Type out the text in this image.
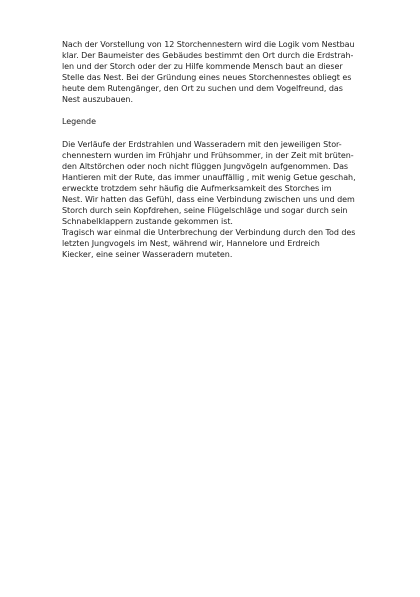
Nach der Vorstellung von 12 Storchennestern wird die Logik vom Nestbau
klar. Der Baumeister des Gebäudes bestimmt den Ort durch die Erdstrah-
len und der Storch oder der zu Hilfe kommende Mensch baut an dieser
Stelle das Nest. Bei der Gründung eines neues Storchennestes obliegt es
heute dem Rutengänger, den Ort zu suchen und dem Vogelfreund, das
Nest auszubauen.
Legende
Die Verläufe der Erdstrahlen und Wasseradern mit den jeweiligen Stor-
chennestern wurden im Frühjahr und Frühsommer, in der Zeit mit brüten-
den Altstörchen oder noch nicht flüggen Jungvögeln aufgenommen. Das
Hantieren mit der Rute, das immer unauffällig , mit wenig Getue geschah,
erweckte trotzdem sehr häufig die Aufmerksamkeit des Storches im
Nest. Wir hatten das Gefühl, dass eine Verbindung zwischen uns und dem
Storch durch sein Kopfdrehen, seine Flügelschläge und sogar durch sein
Schnabelklappern zustande gekommen ist.
Tragisch war einmal die Unterbrechung der Verbindung durch den Tod des
letzten Jungvogels im Nest, während wir, Hannelore und Erdreich
Kiecker, eine seiner Wasseradern muteten.
